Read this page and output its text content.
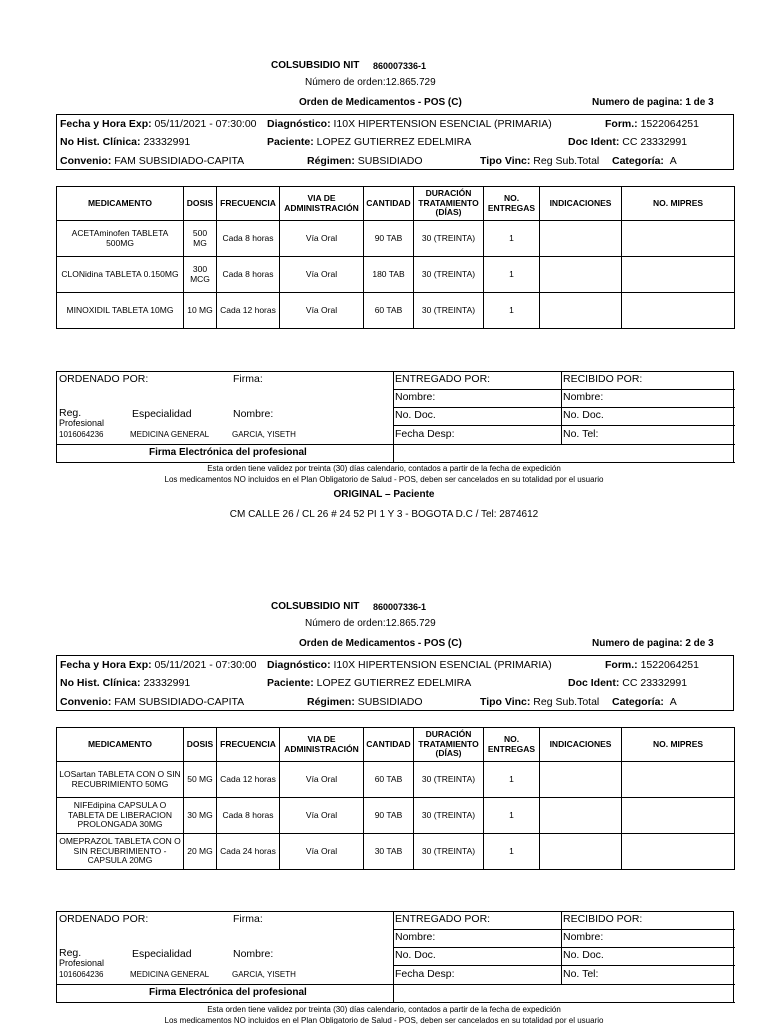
COLSUBSIDIO NIT 860007336-1
Número de orden:12.865.729
Orden de Medicamentos - POS (C)	Numero de pagina: 1 de 3
Fecha y Hora Exp: 05/11/2021 - 07:30:00 Diagnóstico: I10X HIPERTENSION ESENCIAL (PRIMARIA)	Form.: 1522064251
No Hist. Clínica: 23332991	Paciente: LOPEZ GUTIERREZ EDELMIRA	Doc Ident: CC 23332991
Convenio: FAM SUBSIDIADO-CAPITA	Régimen: SUBSIDIADO	Tipo Vinc: Reg Sub.Total Categoría: A
MEDICAMENTO	DOSIS	FRECUENCIA	VIA DE ADMINISTRACIÓN	CANTIDAD	DURACIÓN TRATAMIENTO (DÍAS)	NO. ENTREGAS	INDICACIONES	NO. MIPRES
ACETAminofen TABLETA 500MG	500 MG	Cada 8 horas	Vía Oral	90 TAB	30 (TREINTA)	1		
CLONidina TABLETA 0.150MG	300 MCG	Cada 8 horas	Vía Oral	180 TAB	30 (TREINTA)	1		
MINOXIDIL TABLETA 10MG	10 MG	Cada 12 horas	Vía Oral	60 TAB	30 (TREINTA)	1		
ORDENADO POR:	Firma:	ENTREGADO POR:	RECIBIDO POR:
Nombre:	Nombre:
No. Doc.	No. Doc.
Fecha Desp:	No. Tel:
Reg.
Profesional
Especialidad	Nombre:
1016064236	MEDICINA GENERAL	GARCIA, YISETH
Firma Electrónica del profesional
Esta orden tiene validez por treinta (30) días calendario, contados a partir de la fecha de expedición
Los medicamentos NO incluidos en el Plan Obligatorio de Salud - POS, deben ser cancelados en su totalidad por el usuario
ORIGINAL – Paciente
CM CALLE 26 / CL 26 # 24 52 PI 1 Y 3 - BOGOTA D.C / Tel: 2874612
COLSUBSIDIO NIT 860007336-1
Número de orden:12.865.729
Orden de Medicamentos - POS (C)	Numero de pagina: 2 de 3
Fecha y Hora Exp: 05/11/2021 - 07:30:00 Diagnóstico: I10X HIPERTENSION ESENCIAL (PRIMARIA)	Form.: 1522064251
No Hist. Clínica: 23332991	Paciente: LOPEZ GUTIERREZ EDELMIRA	Doc Ident: CC 23332991
Convenio: FAM SUBSIDIADO-CAPITA	Régimen: SUBSIDIADO	Tipo Vinc: Reg Sub.Total Categoría: A
MEDICAMENTO	DOSIS	FRECUENCIA	VIA DE ADMINISTRACIÓN	CANTIDAD	DURACIÓN TRATAMIENTO (DÍAS)	NO. ENTREGAS	INDICACIONES	NO. MIPRES
LOSartan TABLETA CON O SIN RECUBRIMIENTO 50MG	50 MG	Cada 12 horas	Vía Oral	60 TAB	30 (TREINTA)	1		
NIFEdipina CAPSULA O TABLETA DE LIBERACION PROLONGADA 30MG	30 MG	Cada 8 horas	Vía Oral	90 TAB	30 (TREINTA)	1		
OMEPRAZOL TABLETA CON O SIN RECUBRIMIENTO - CAPSULA 20MG	20 MG	Cada 24 horas	Vía Oral	30 TAB	30 (TREINTA)	1		
ORDENADO POR:	Firma:	ENTREGADO POR:	RECIBIDO POR:
Nombre:	Nombre:
No. Doc.	No. Doc.
Fecha Desp:	No. Tel:
Reg.
Profesional
Especialidad	Nombre:
1016064236	MEDICINA GENERAL	GARCIA, YISETH
Firma Electrónica del profesional
Esta orden tiene validez por treinta (30) días calendario, contados a partir de la fecha de expedición
Los medicamentos NO incluidos en el Plan Obligatorio de Salud - POS, deben ser cancelados en su totalidad por el usuario
